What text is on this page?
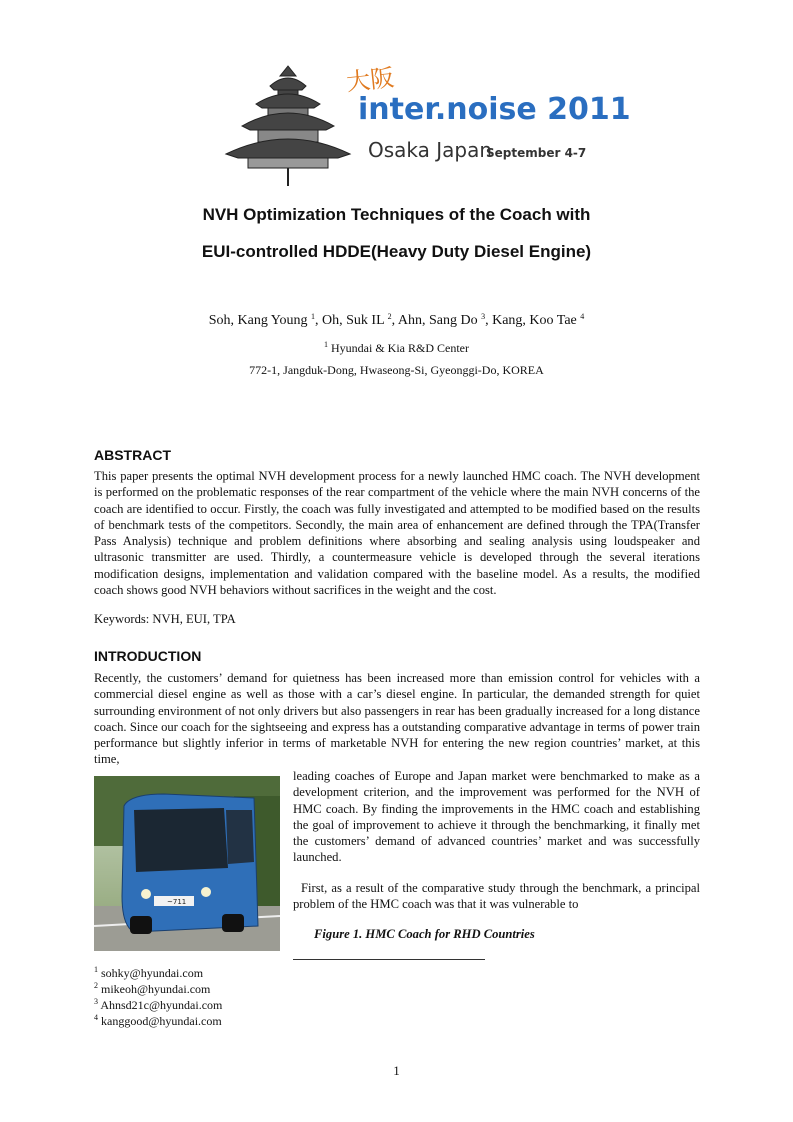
大阪
inter.noise 2011
Osaka Japan
September 4-7
NVH Optimization Techniques of the Coach with
EUI-controlled HDDE(Heavy Duty Diesel Engine)
Soh, Kang Young $^1$, Oh, Suk IL $^2$, Ahn, Sang Do $^3$, Kang, Koo Tae $^4$
$^1$ Hyundai & Kia R&D Center
772-1, Jangduk-Dong, Hwaseong-Si, Gyeonggi-Do, KOREA
ABSTRACT

This paper presents the optimal NVH development process for a newly launched HMC coach. The NVH development is performed on the problematic responses of the rear compartment of the vehicle where the main NVH concerns of the coach are identified to occur. Firstly, the coach was fully investigated and attempted to be modified based on the results of benchmark tests of the competitors. Secondly, the main area of enhancement are defined through the TPA(Transfer Pass Analysis) technique and problem definitions where absorbing and sealing analysis using loudspeaker and ultrasonic transmitter are used. Thirdly, a countermeasure vehicle is developed through the several iterations modification designs, implementation and validation compared with the baseline model. As a results, the modified coach shows good NVH behaviors without sacrifices in the weight and the cost.

Keywords: NVH, EUI, TPA
INTRODUCTION

Recently, the customers’ demand for quietness has been increased more than emission control for vehicles with a commercial diesel engine as well as those with a car’s diesel engine. In particular, the demanded strength for quiet surrounding environment of not only drivers but also passengers in rear has been gradually increased for a long distance coach. Since our coach for the sightseeing and express has a outstanding comparative advantage in terms of power train performance but slightly inferior in terms of marketable NVH for entering the new region countries’ market, at this time,

~711

leading coaches of Europe and Japan market were benchmarked to make as a development criterion, and the improvement was performed for the NVH of HMC coach. By finding the improvements in the HMC coach and establishing the goal of improvement to achieve it through the benchmarking, it finally met the customers’ demand of advanced countries’ market and was successfully launched.

First, as a result of the comparative study through the benchmark, a principal problem of the HMC coach was that it was vulnerable to

Figure 1. HMC Coach for RHD Countries
$^1$ sohky@hyundai.com
$^2$ mikeoh@hyundai.com
$^3$ Ahnsd21c@hyundai.com
$^4$ kanggood@hyundai.com
1
